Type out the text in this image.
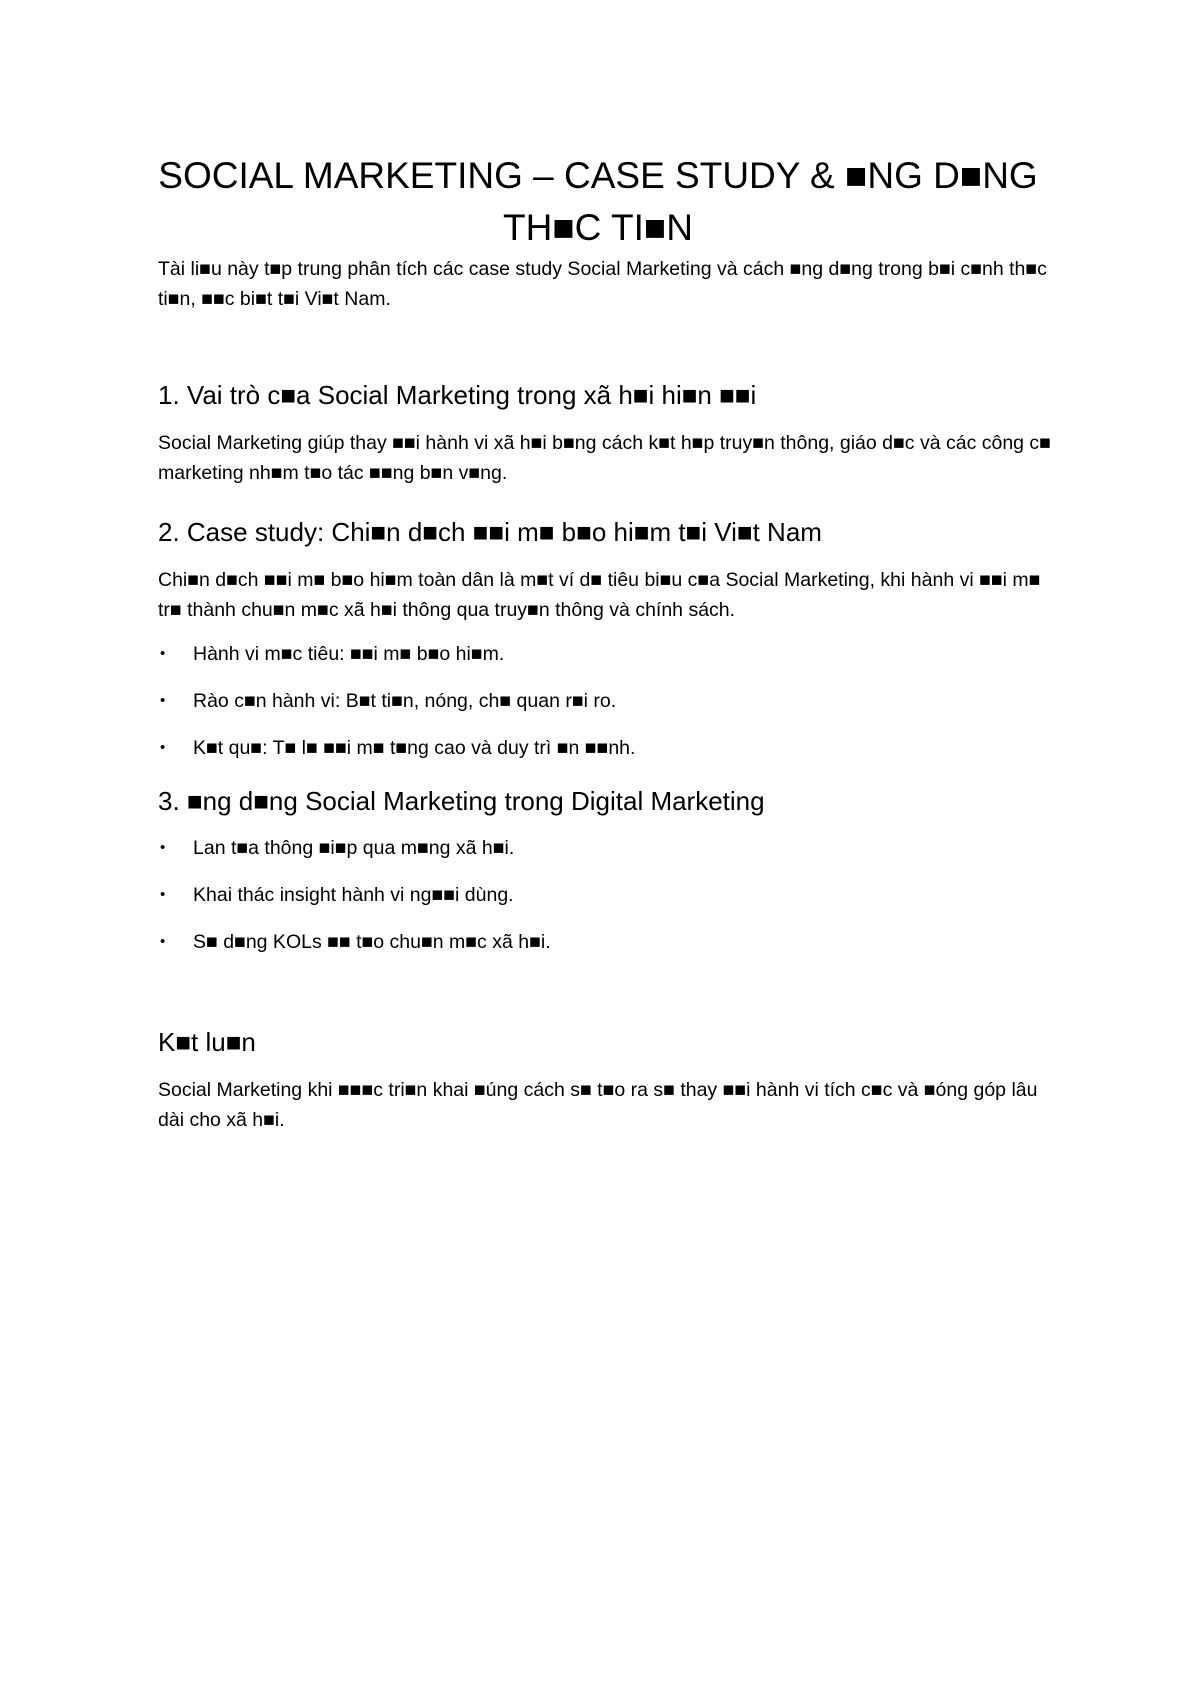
SOCIAL MARKETING – CASE STUDY & ■NG D■NG TH■C TI■N

Tài li■u này t■p trung phân tích các case study Social Marketing và cách ■ng d■ng trong b■i c■nh th■c ti■n, ■■c bi■t t■i Vi■t Nam.

1. Vai trò c■a Social Marketing trong xã h■i hi■n ■■i

Social Marketing giúp thay ■■i hành vi xã h■i b■ng cách k■t h■p truy■n thông, giáo d■c và các công c■ marketing nh■m t■o tác ■■ng b■n v■ng.

2. Case study: Chi■n d■ch ■■i m■ b■o hi■m t■i Vi■t Nam

Chi■n d■ch ■■i m■ b■o hi■m toàn dân là m■t ví d■ tiêu bi■u c■a Social Marketing, khi hành vi ■■i m■ tr■ thành chu■n m■c xã h■i thông qua truy■n thông và chính sách.

• Hành vi m■c tiêu: ■■i m■ b■o hi■m.
• Rào c■n hành vi: B■t ti■n, nóng, ch■ quan r■i ro.
• K■t qu■: T■ l■ ■■i m■ t■ng cao và duy trì ■n ■■nh.
3. ■ng d■ng Social Marketing trong Digital Marketing
• Lan t■a thông ■i■p qua m■ng xã h■i.
• Khai thác insight hành vi ng■■i dùng.
• S■ d■ng KOLs ■■ t■o chu■n m■c xã h■i.
K■t lu■n

Social Marketing khi ■■■c tri■n khai ■úng cách s■ t■o ra s■ thay ■■i hành vi tích c■c và ■óng góp lâu dài cho xã h■i.
